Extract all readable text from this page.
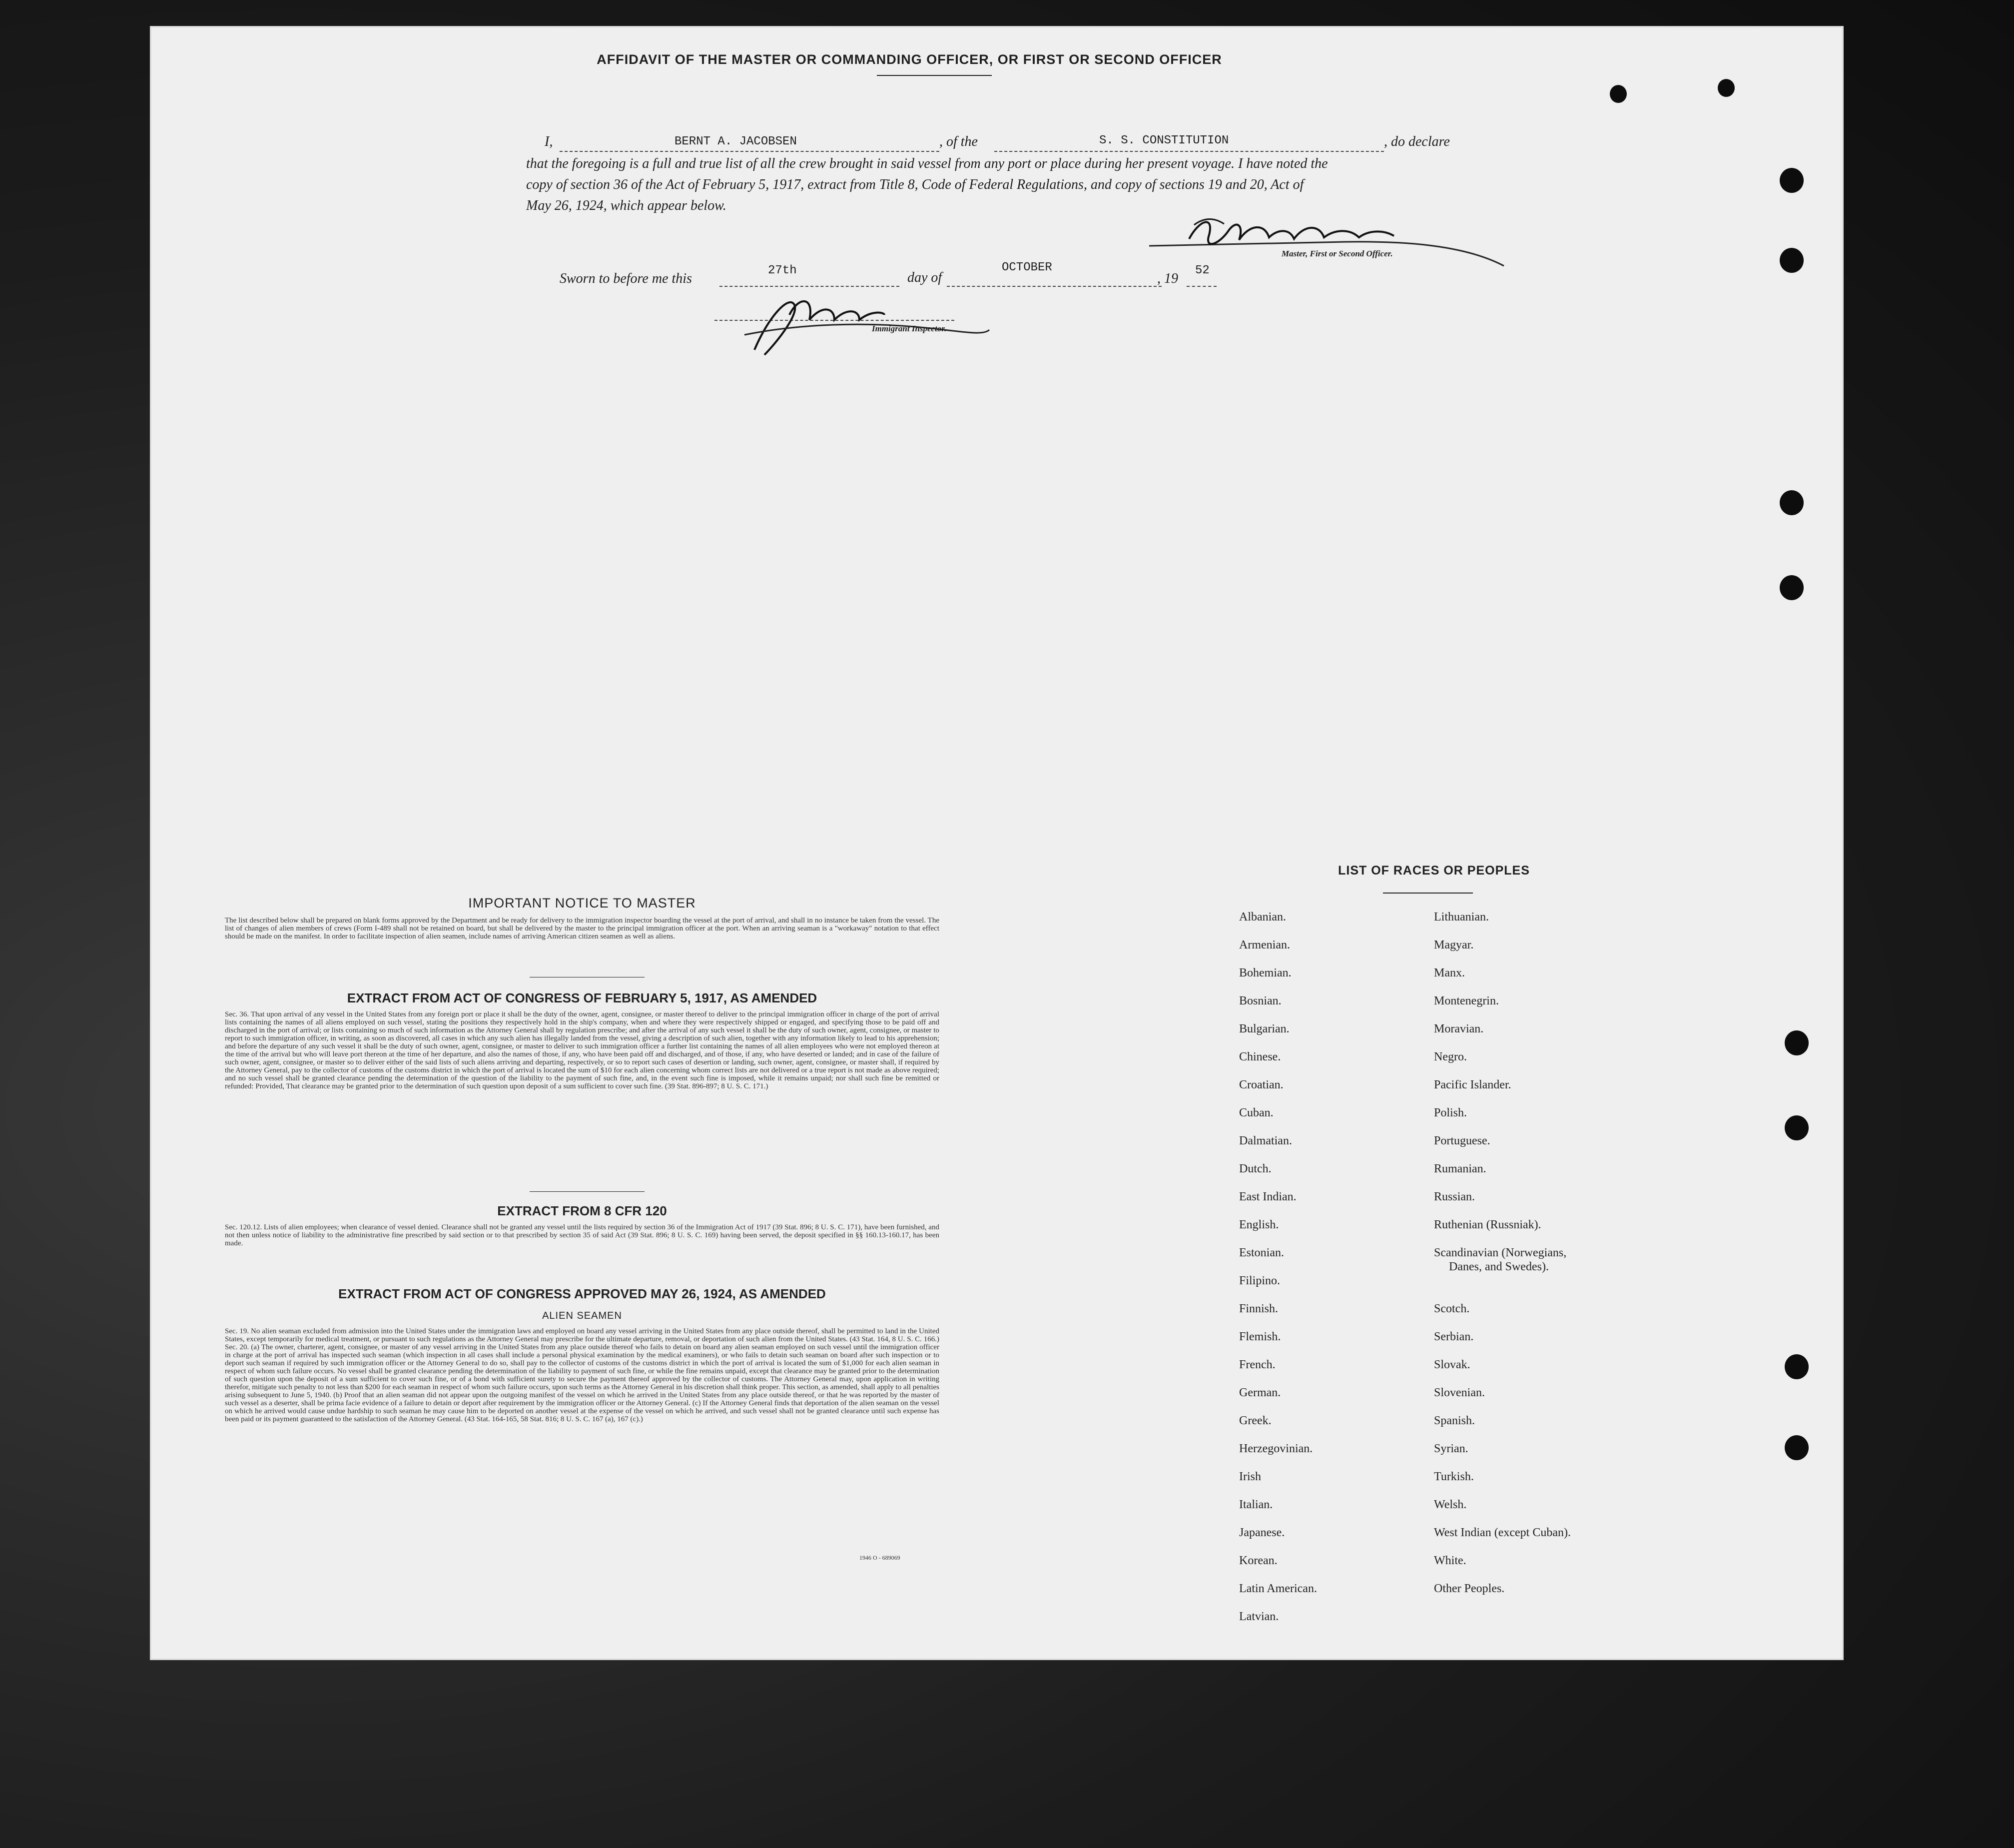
AFFIDAVIT OF THE MASTER OR COMMANDING OFFICER, OR FIRST OR SECOND OFFICER
I,	BERNT A. JACOBSEN	, of the	S. S. CONSTITUTION	, do declare
that the foregoing is a full and true list of all the crew brought in said vessel from any port or place during her present voyage. I have noted the
copy of section 36 of the Act of February 5, 1917, extract from Title 8, Code of Federal Regulations, and copy of sections 19 and 20, Act of
May 26, 1924, which appear below.
Master, First or Second Officer.
Sworn to before me this
27th	day of
OCTOBER
, 19
52
Immigrant Inspector.
IMPORTANT NOTICE TO MASTER
The list described below shall be prepared on blank forms approved by the Department and be ready for delivery to the immigration inspector boarding the vessel at the port of arrival, and shall in no instance be taken from the vessel. The list of changes of alien members of crews (Form I-489 shall not be retained on board, but shall be delivered by the master to the principal immigration officer at the port. When an arriving seaman is a "workaway" notation to that effect should be made on the manifest. In order to facilitate inspection of alien seamen, include names of arriving American citizen seamen as well as aliens.
EXTRACT FROM ACT OF CONGRESS OF FEBRUARY 5, 1917, AS AMENDED
Sec. 36. That upon arrival of any vessel in the United States from any foreign port or place it shall be the duty of the owner, agent, consignee, or master thereof to deliver to the principal immigration officer in charge of the port of arrival lists containing the names of all aliens employed on such vessel, stating the positions they respectively hold in the ship's company, when and where they were respectively shipped or engaged, and specifying those to be paid off and discharged in the port of arrival; or lists containing so much of such information as the Attorney General shall by regulation prescribe; and after the arrival of any such vessel it shall be the duty of such owner, agent, consignee, or master to report to such immigration officer, in writing, as soon as discovered, all cases in which any such alien has illegally landed from the vessel, giving a description of such alien, together with any information likely to lead to his apprehension; and before the departure of any such vessel it shall be the duty of such owner, agent, consignee, or master to deliver to such immigration officer a further list containing the names of all alien employees who were not employed thereon at the time of the arrival but who will leave port thereon at the time of her departure, and also the names of those, if any, who have been paid off and discharged, and of those, if any, who have deserted or landed; and in case of the failure of such owner, agent, consignee, or master so to deliver either of the said lists of such aliens arriving and departing, respectively, or so to report such cases of desertion or landing, such owner, agent, consignee, or master shall, if required by the Attorney General, pay to the collector of customs of the customs district in which the port of arrival is located the sum of $10 for each alien concerning whom correct lists are not delivered or a true report is not made as above required; and no such vessel shall be granted clearance pending the determination of the question of the liability to the payment of such fine, and, in the event such fine is imposed, while it remains unpaid; nor shall such fine be remitted or refunded: Provided, That clearance may be granted prior to the determination of such question upon deposit of a sum sufficient to cover such fine. (39 Stat. 896-897; 8 U. S. C. 171.)
EXTRACT FROM 8 CFR 120
Sec. 120.12. Lists of alien employees; when clearance of vessel denied. Clearance shall not be granted any vessel until the lists required by section 36 of the Immigration Act of 1917 (39 Stat. 896; 8 U. S. C. 171), have been furnished, and not then unless notice of liability to the administrative fine prescribed by said section or to that prescribed by section 35 of said Act (39 Stat. 896; 8 U. S. C. 169) having been served, the deposit specified in §§ 160.13-160.17, has been made.
EXTRACT FROM ACT OF CONGRESS APPROVED MAY 26, 1924, AS AMENDED
ALIEN SEAMEN
Sec. 19. No alien seaman excluded from admission into the United States under the immigration laws and employed on board any vessel arriving in the United States from any place outside thereof, shall be permitted to land in the United States, except temporarily for medical treatment, or pursuant to such regulations as the Attorney General may prescribe for the ultimate departure, removal, or deportation of such alien from the United States. (43 Stat. 164, 8 U. S. C. 166.) Sec. 20. (a) The owner, charterer, agent, consignee, or master of any vessel arriving in the United States from any place outside thereof who fails to detain on board any alien seaman employed on such vessel until the immigration officer in charge at the port of arrival has inspected such seaman (which inspection in all cases shall include a personal physical examination by the medical examiners), or who fails to detain such seaman on board after such inspection or to deport such seaman if required by such immigration officer or the Attorney General to do so, shall pay to the collector of customs of the customs district in which the port of arrival is located the sum of $1,000 for each alien seaman in respect of whom such failure occurs. No vessel shall be granted clearance pending the determination of the liability to payment of such fine, or while the fine remains unpaid, except that clearance may be granted prior to the determination of such question upon the deposit of a sum sufficient to cover such fine, or of a bond with sufficient surety to secure the payment thereof approved by the collector of customs. The Attorney General may, upon application in writing therefor, mitigate such penalty to not less than $200 for each seaman in respect of whom such failure occurs, upon such terms as the Attorney General in his discretion shall think proper. This section, as amended, shall apply to all penalties arising subsequent to June 5, 1940. (b) Proof that an alien seaman did not appear upon the outgoing manifest of the vessel on which he arrived in the United States from any place outside thereof, or that he was reported by the master of such vessel as a deserter, shall be prima facie evidence of a failure to detain or deport after requirement by the immigration officer or the Attorney General. (c) If the Attorney General finds that deportation of the alien seaman on the vessel on which he arrived would cause undue hardship to such seaman he may cause him to be deported on another vessel at the expense of the vessel on which he arrived, and such vessel shall not be granted clearance until such expense has been paid or its payment guaranteed to the satisfaction of the Attorney General. (43 Stat. 164-165, 58 Stat. 816; 8 U. S. C. 167 (a), 167 (c).)
1946 O - 689069
LIST OF RACES OR PEOPLES
Albanian.
Armenian.
Bohemian.
Bosnian.
Bulgarian.
Chinese.
Croatian.
Cuban.
Dalmatian.
Dutch.
East Indian.
English.
Estonian.
Filipino.
Finnish.
Flemish.
French.
German.
Greek.
Herzegovinian.
Irish
Italian.
Japanese.
Korean.
Latin American.
Latvian.
Lithuanian.
Magyar.
Manx.
Montenegrin.
Moravian.
Negro.
Pacific Islander.
Polish.
Portuguese.
Rumanian.
Russian.
Ruthenian (Russniak).
Scandinavian (Norwegians,
Danes, and Swedes).
Scotch.
Serbian.
Slovak.
Slovenian.
Spanish.
Syrian.
Turkish.
Welsh.
West Indian (except Cuban).
White.
Other Peoples.
